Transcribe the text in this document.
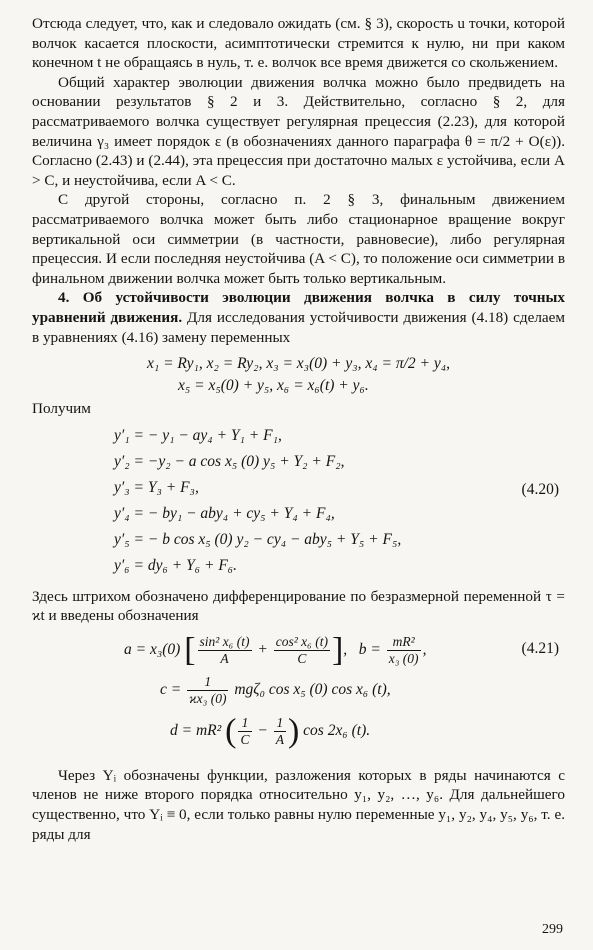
Отсюда следует, что, как и следовало ожидать (см. § 3), скорость u точки, которой волчок касается плоскости, асимптотически стремится к нулю, ни при каком конечном t не обращаясь в нуль, т. е. волчок все время движется со скольжением.

Общий характер эволюции движения волчка можно было предвидеть на основании результатов § 2 и 3. Действительно, согласно § 2, для рассматриваемого волчка существует регулярная прецессия (2.23), для которой величина γ₃ имеет порядок ε (в обозначениях данного параграфа θ = π/2 + O(ε)). Согласно (2.43) и (2.44), эта прецессия при достаточно малых ε устойчива, если A > C, и неустойчива, если A < C.

С другой стороны, согласно п. 2 § 3, финальным движением рассматриваемого волчка может быть либо стационарное вращение вокруг вертикальной оси симметрии (в частности, равновесие), либо регулярная прецессия. И если последняя неустойчива (A < C), то положение оси симметрии в финальном движении волчка может быть только вертикальным.

4. Об устойчивости эволюции движения волчка в силу точных уравнений движения. Для исследования устойчивости движения (4.18) сделаем в уравнениях (4.16) замену переменных

x₁ = Ry₁, x₂ = Ry₂, x₃ = x₃(0) + y₃, x₄ = π/2 + y₄,
x₅ = x₅(0) + y₅, x₆ = x₆(t) + y₆.

Получим

y′₁ = − y₁ − ay₄ + Y₁ + F₁,
y′₂ = −y₂ − a cos x₅ (0) y₅ + Y₂ + F₂,
y′₃ = Y₃ + F₃,
y′₄ = − by₁ − aby₄ + cy₅ + Y₄ + F₄,
y′₅ = − b cos x₅ (0) y₂ − cy₄ − aby₅ + Y₅ + F₅,
y′₆ = dy₆ + Y₆ + F₆.
(4.20)

Здесь штрихом обозначено дифференцирование по безразмерной переменной τ = ϰt и введены обозначения

a = x₃(0) [ $\frac{\text{sin² x₆ (t)}}{A} + \frac{\text{cos² x₆ (t)}}{C}$ ],   $b = \frac{\text{mR²}}{\text{x₃ (0)}}$ ,	(4.21)
$c = \frac{1}{\text{ϰx₃ (0)}} mg\zeta_0$ cos x₅ (0) cos x₆ (t),
d = mR² ( $\frac{1}{C} - \frac{1}{A}$ ) cos 2x₆ (t).

Через Yᵢ обозначены функции, разложения которых в ряды начинаются с членов не ниже второго порядка относительно y₁, y₂, …, y₆. Для дальнейшего существенно, что Yᵢ ≡ 0, если только равны нулю переменные y₁, y₂, y₄, y₅, y₆, т. е. ряды для

299
